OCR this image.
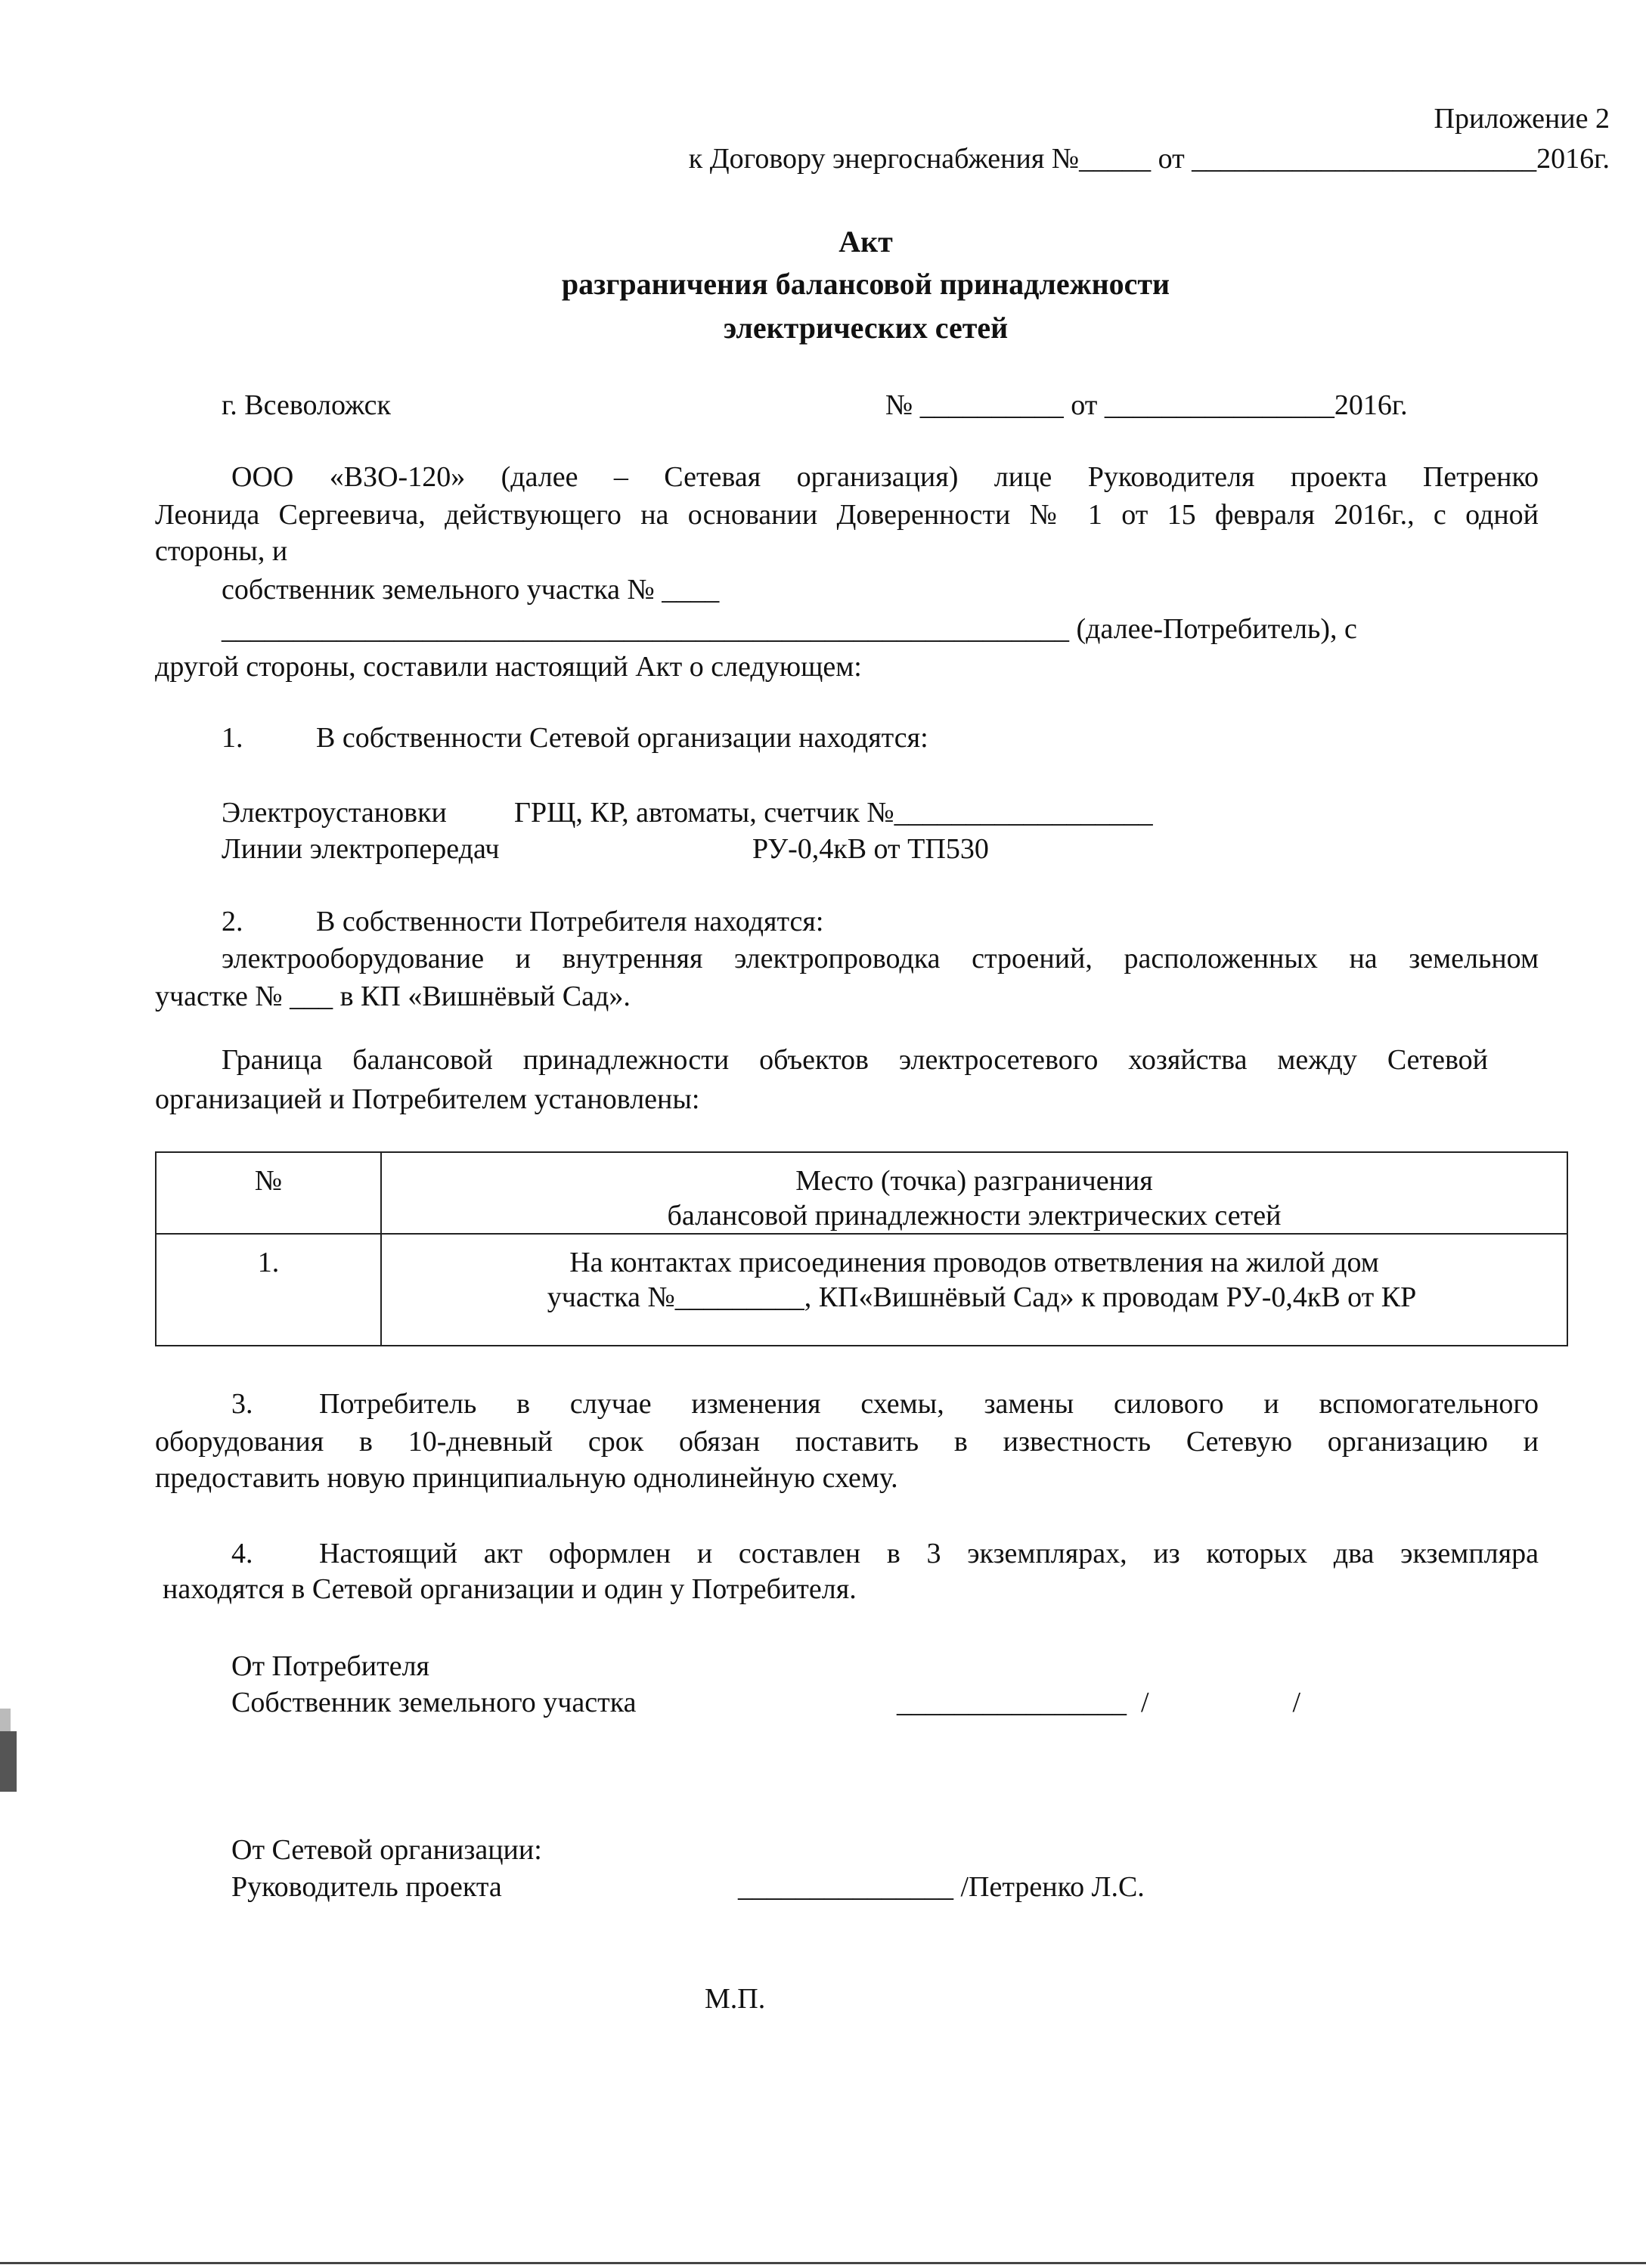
Приложение 2
к Договору энергоснабжения №_____ от ________________________2016г.
Акт
разграничения балансовой принадлежности
электрических сетей
г. Всеволожск	№ __________ от ________________2016г.
ООО «ВЗО-120» (далее – Сетевая организация) лице Руководителя проекта Петренко
Леонида Сергеевича, действующего на основании Доверенности № 1 от 15 февраля 2016г., с одной
стороны, и
собственник земельного участка № ____
___________________________________________________________ (далее-Потребитель), с
другой стороны, составили настоящий Акт о следующем:
1.	В собственности Сетевой организации находятся:
Электроустановки ГРЩ, КР, автоматы, счетчик №__________________
Линии электропередач	РУ-0,4кВ от ТП530
2.	В собственности Потребителя находятся:
электрооборудование и внутренняя электропроводка строений, расположенных на земельном
участке № ___ в КП «Вишнёвый Сад».
Граница балансовой принадлежности объектов электросетевого хозяйства между Сетевой
организацией и Потребителем установлены:
№	Место (точка) разграничения
балансовой принадлежности электрических сетей

1.	На контактах присоединения проводов ответвления на жилой дом
участка №_________, КП«Вишнёвый Сад» к проводам РУ-0,4кВ от КР
3. Потребитель в случае изменения схемы, замены силового и вспомогательного
оборудования в 10-дневный срок обязан поставить в известность Сетевую организацию и
предоставить новую принципиальную однолинейную схему.
4. Настоящий акт оформлен и составлен в 3 экземплярах, из которых два экземпляра
находятся в Сетевой организации и один у Потребителя.
От Потребителя
Собственник земельного участка	________________  /                    /
От Сетевой организации:
Руководитель проекта	_______________ /Петренко Л.С.
М.П.
